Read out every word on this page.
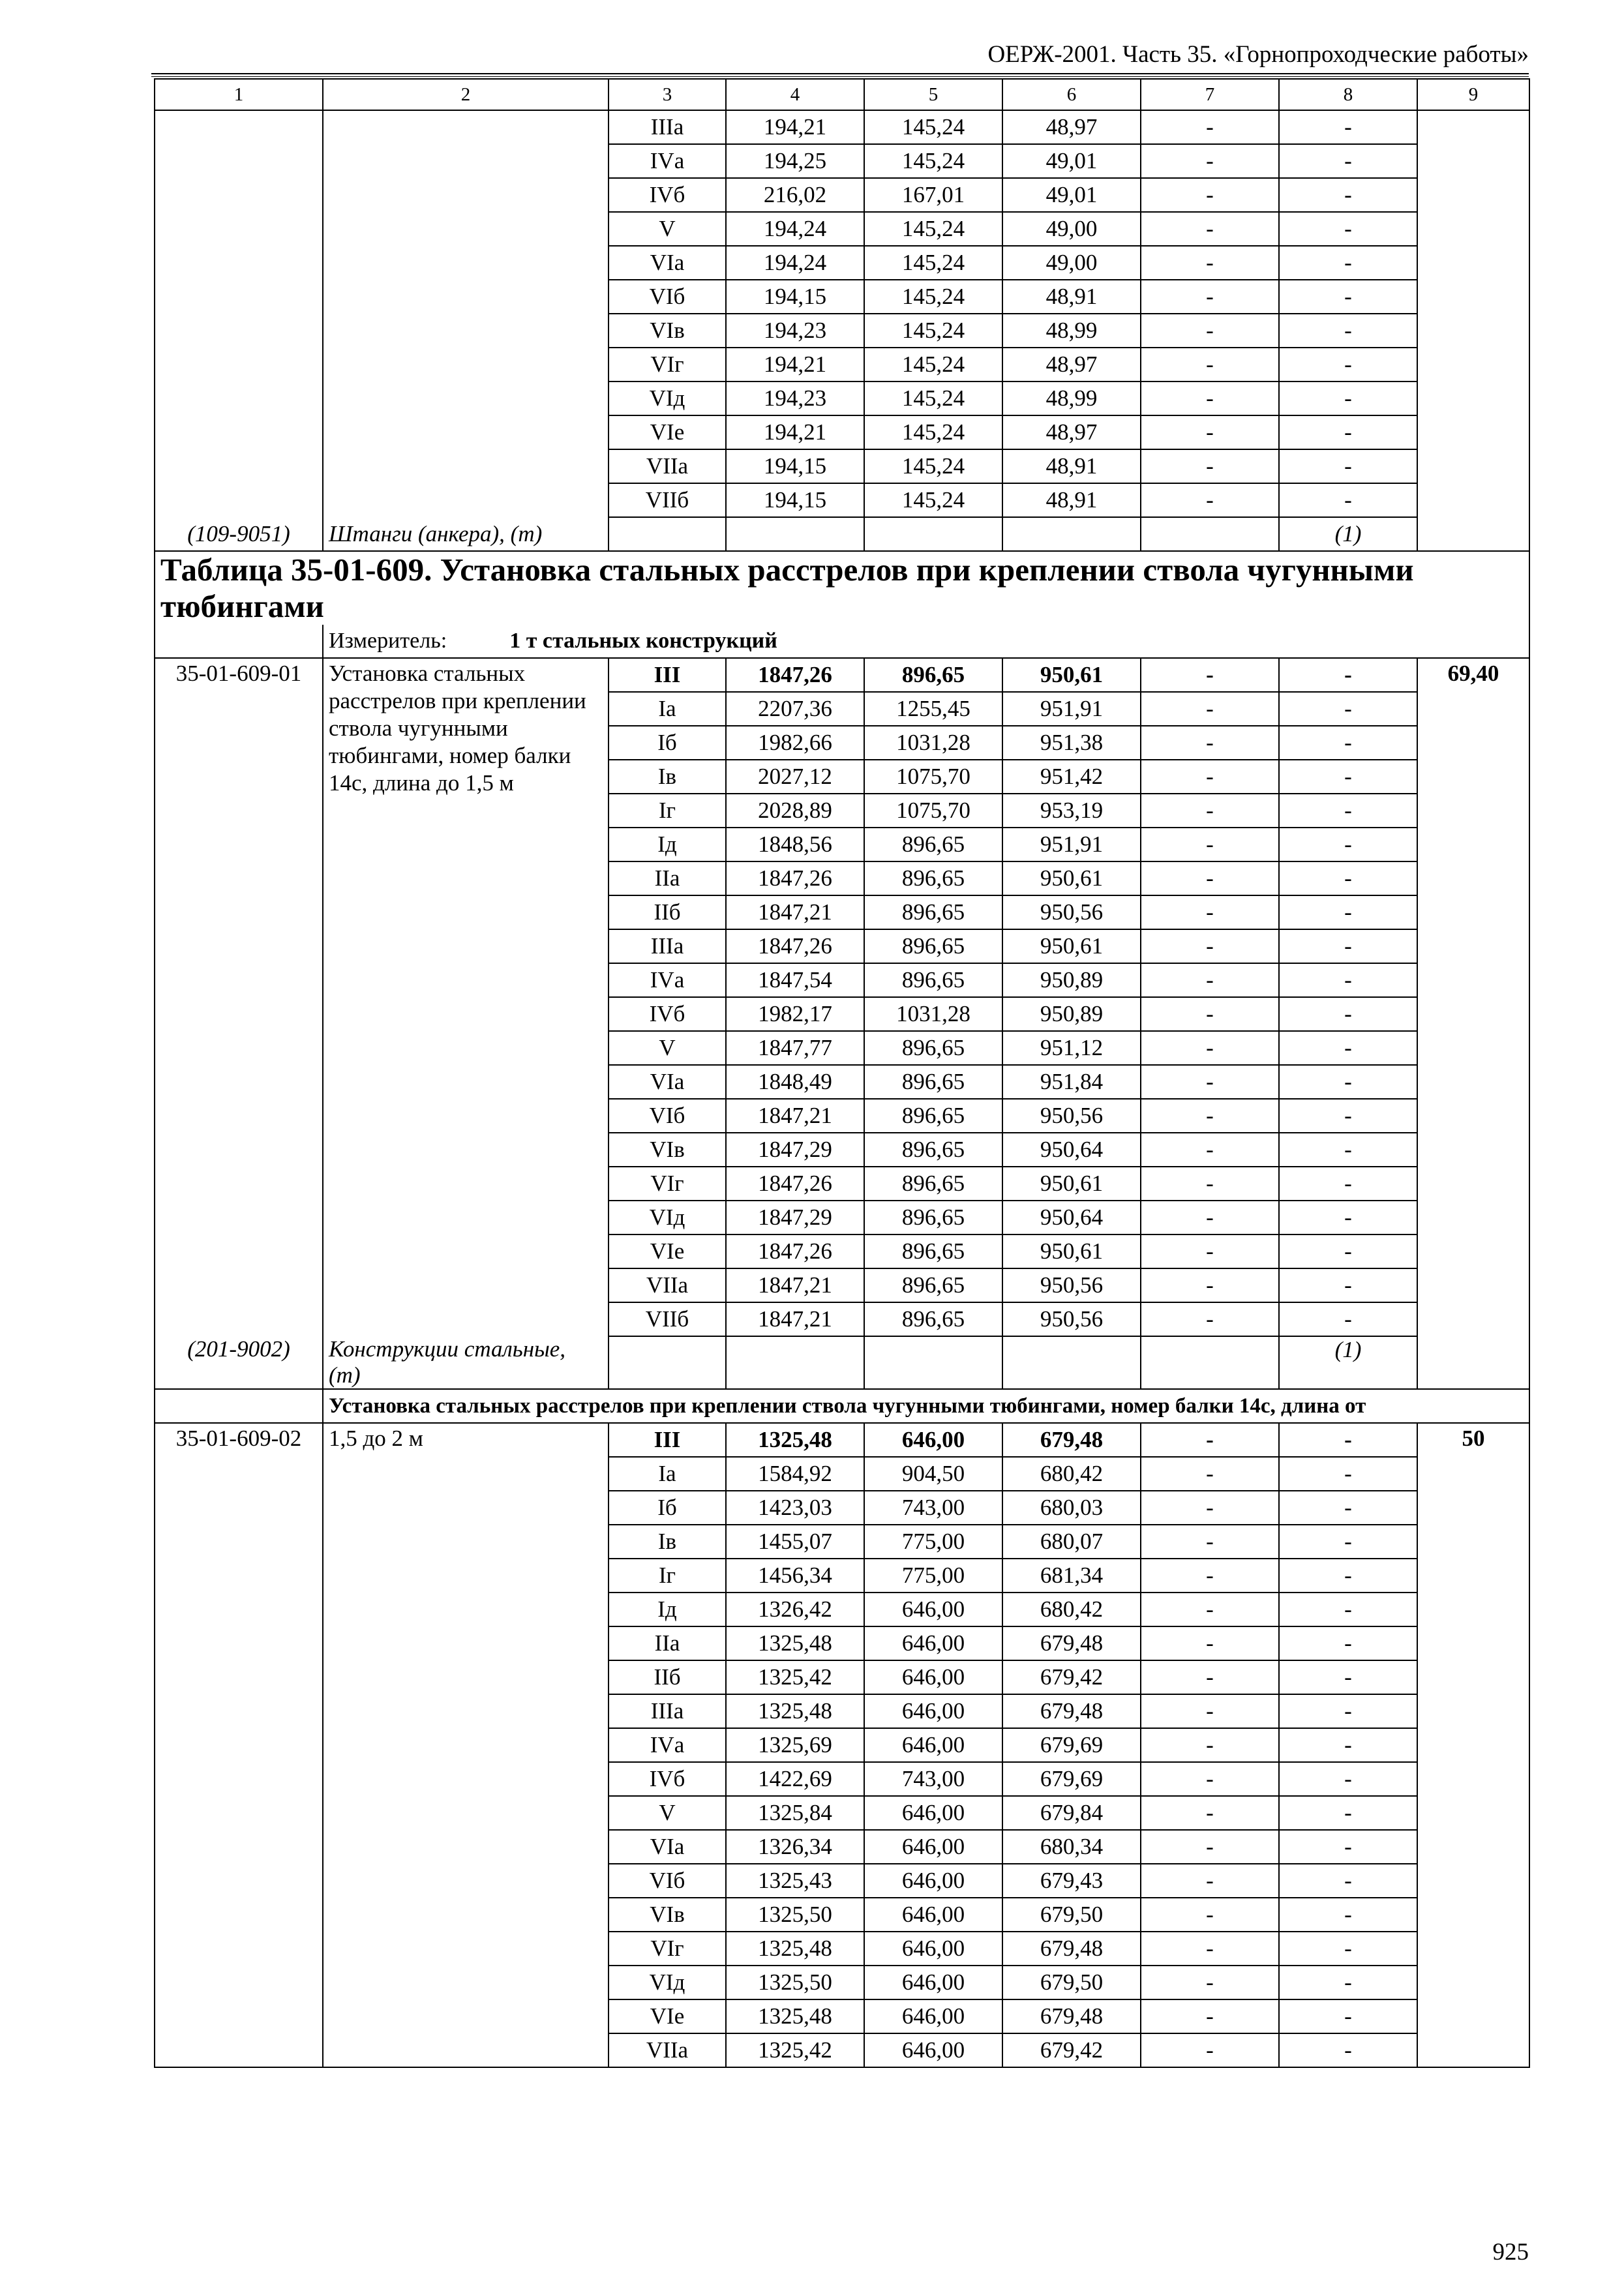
ОЕРЖ-2001. Часть 35. «Горнопроходческие работы»
1	2	3	4	5	6	7	8	9
		IIIа	194,21	145,24	48,97	-	-	
		IVа	194,25	145,24	49,01	-	-	
		IVб	216,02	167,01	49,01	-	-	
		V	194,24	145,24	49,00	-	-	
		VIа	194,24	145,24	49,00	-	-	
		VIб	194,15	145,24	48,91	-	-	
		VIв	194,23	145,24	48,99	-	-	
		VIг	194,21	145,24	48,97	-	-	
		VIд	194,23	145,24	48,99	-	-	
		VIе	194,21	145,24	48,97	-	-	
		VIIа	194,15	145,24	48,91	-	-	
		VIIб	194,15	145,24	48,91	-	-	
(109-9051)	Штанги (анкера), (т)						(1)	
Таблица 35-01-609. Установка стальных расстрелов при креплении ствола чугунными тюбингами								
	Измеритель: 1 т стальных конструкций							
35-01-609-01	Установка стальных
расстрелов при креплении
ствола чугунными
тюбингами, номер балки
14с, длина до 1,5 м	III	1847,26	896,65	950,61	-	-	69,40
		Iа	2207,36	1255,45	951,91	-	-	
		Iб	1982,66	1031,28	951,38	-	-	
		Iв	2027,12	1075,70	951,42	-	-	
		Iг	2028,89	1075,70	953,19	-	-	
		Iд	1848,56	896,65	951,91	-	-	
		IIа	1847,26	896,65	950,61	-	-	
		IIб	1847,21	896,65	950,56	-	-	
		IIIа	1847,26	896,65	950,61	-	-	
		IVа	1847,54	896,65	950,89	-	-	
		IVб	1982,17	1031,28	950,89	-	-	
		V	1847,77	896,65	951,12	-	-	
		VIа	1848,49	896,65	951,84	-	-	
		VIб	1847,21	896,65	950,56	-	-	
		VIв	1847,29	896,65	950,64	-	-	
		VIг	1847,26	896,65	950,61	-	-	
		VIд	1847,29	896,65	950,64	-	-	
		VIе	1847,26	896,65	950,61	-	-	
		VIIа	1847,21	896,65	950,56	-	-	
		VIIб	1847,21	896,65	950,56	-	-	
(201-9002)	Конструкции стальные,
(т)						(1)	
	Установка стальных расстрелов при креплении ствола чугунными тюбингами, номер балки 14с, длина от							
35-01-609-02	1,5 до 2 м	III	1325,48	646,00	679,48	-	-	50
		Iа	1584,92	904,50	680,42	-	-	
		Iб	1423,03	743,00	680,03	-	-	
		Iв	1455,07	775,00	680,07	-	-	
		Iг	1456,34	775,00	681,34	-	-	
		Iд	1326,42	646,00	680,42	-	-	
		IIа	1325,48	646,00	679,48	-	-	
		IIб	1325,42	646,00	679,42	-	-	
		IIIа	1325,48	646,00	679,48	-	-	
		IVа	1325,69	646,00	679,69	-	-	
		IVб	1422,69	743,00	679,69	-	-	
		V	1325,84	646,00	679,84	-	-	
		VIа	1326,34	646,00	680,34	-	-	
		VIб	1325,43	646,00	679,43	-	-	
		VIв	1325,50	646,00	679,50	-	-	
		VIг	1325,48	646,00	679,48	-	-	
		VIд	1325,50	646,00	679,50	-	-	
		VIе	1325,48	646,00	679,48	-	-	
		VIIа	1325,42	646,00	679,42	-	-	
925
